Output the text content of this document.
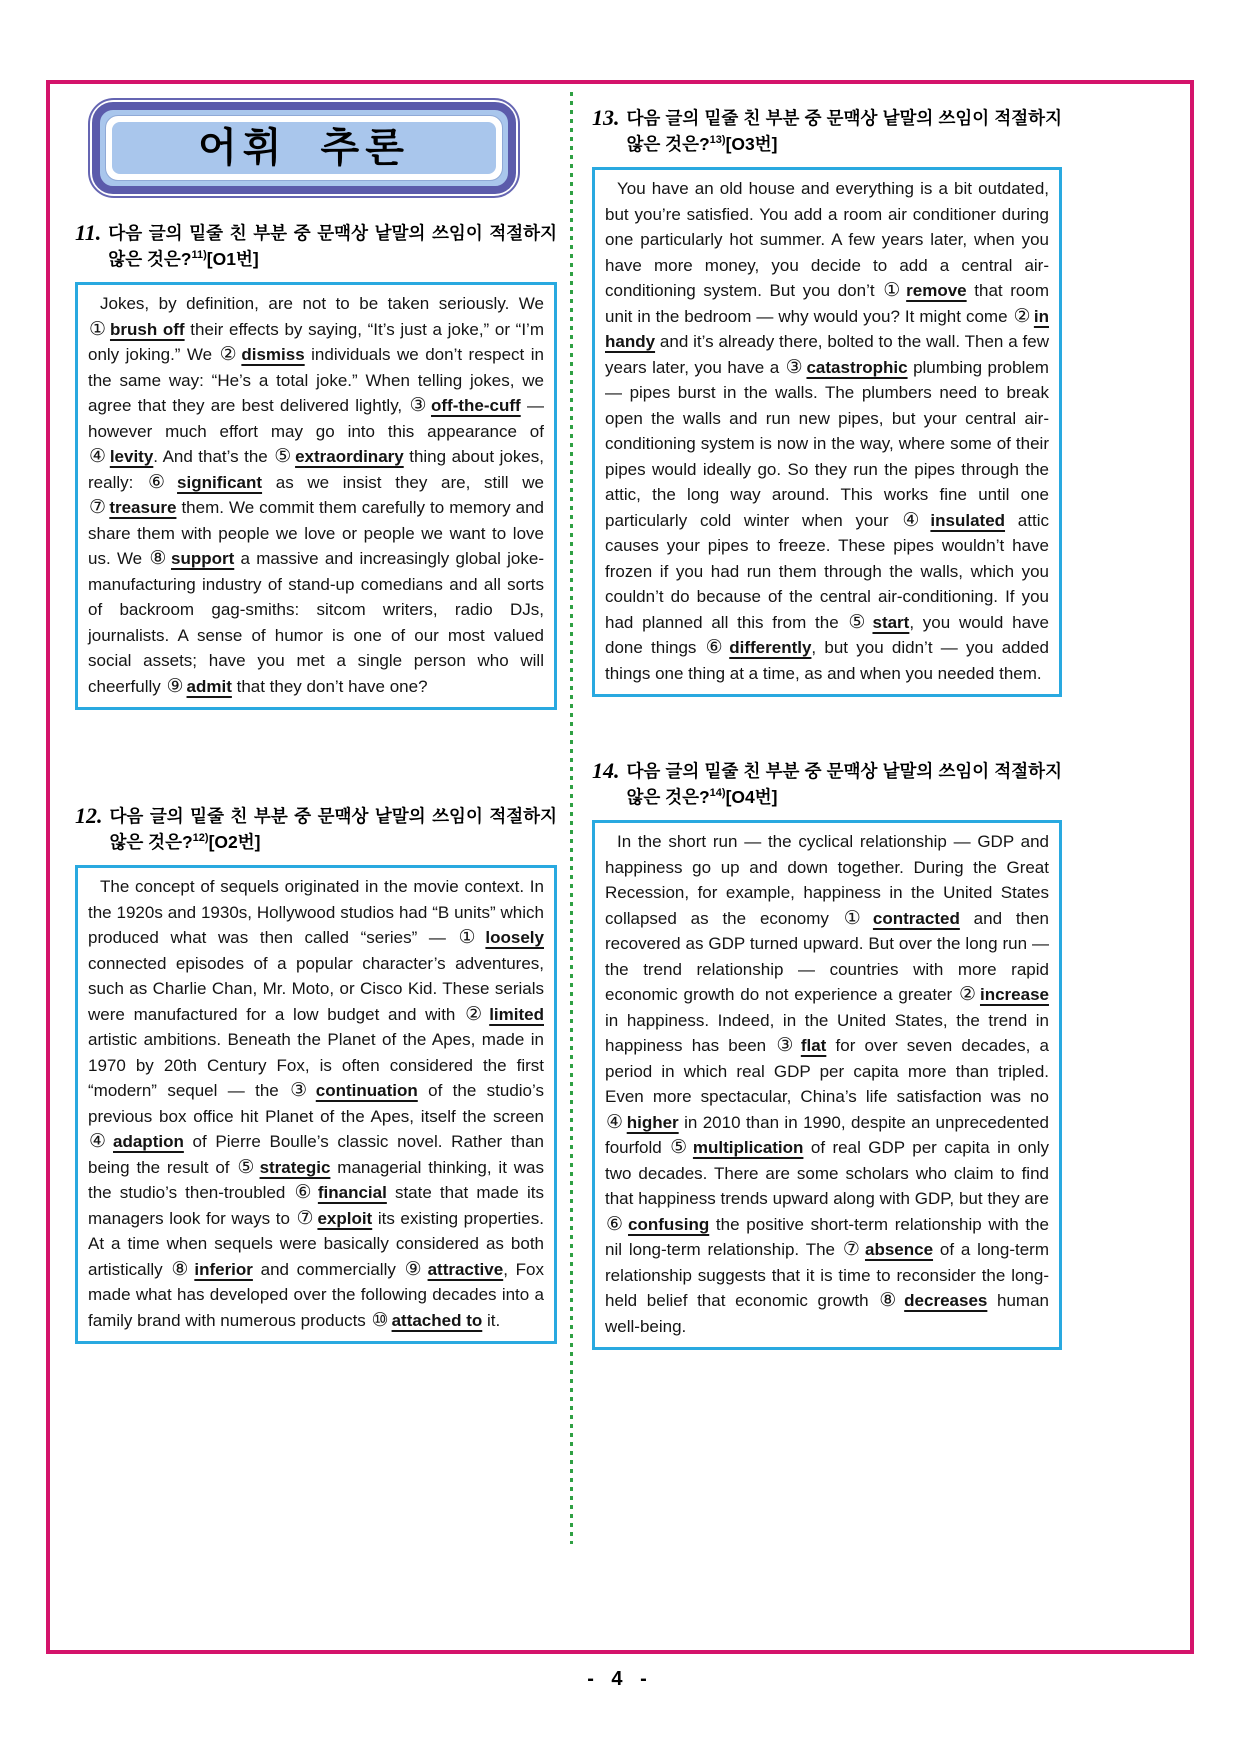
어휘 추론
11. 다음 글의 밑줄 친 부분 중 문맥상 낱말의 쓰임이 적절하지 않은 것은?$^{11)}$[O1번]

Jokes, by definition, are not to be taken seriously. We ① brush off their effects by saying, “It’s just a joke,” or “I’m only joking.” We ② dismiss individuals we don’t respect in the same way: “He’s a total joke.” When telling jokes, we agree that they are best delivered lightly, ③ off-the-cuff — however much effort may go into this appearance of ④ levity. And that’s the ⑤ extraordinary thing about jokes, really: ⑥ significant as we insist they are, still we ⑦ treasure them. We commit them carefully to memory and share them with people we love or people we want to love us. We ⑧ support a massive and increasingly global joke-manufacturing industry of stand-up comedians and all sorts of backroom gag-smiths: sitcom writers, radio DJs, journalists. A sense of humor is one of our most valued social assets; have you met a single person who will cheerfully ⑨ admit that they don’t have one?
12. 다음 글의 밑줄 친 부분 중 문맥상 낱말의 쓰임이 적절하지 않은 것은?$^{12)}$[O2번]

The concept of sequels originated in the movie context. In the 1920s and 1930s, Hollywood studios had “B units” which produced what was then called “series” — ① loosely connected episodes of a popular character’s adventures, such as Charlie Chan, Mr. Moto, or Cisco Kid. These serials were manufactured for a low budget and with ② limited artistic ambitions. Beneath the Planet of the Apes, made in 1970 by 20th Century Fox, is often considered the first “modern” sequel — the ③ continuation of the studio’s previous box office hit Planet of the Apes, itself the screen ④ adaption of Pierre Boulle’s classic novel. Rather than being the result of ⑤ strategic managerial thinking, it was the studio’s then-troubled ⑥ financial state that made its managers look for ways to ⑦ exploit its existing properties. At a time when sequels were basically considered as both artistically ⑧ inferior and commercially ⑨ attractive, Fox made what has developed over the following decades into a family brand with numerous products ⑩ attached to it.
13. 다음 글의 밑줄 친 부분 중 문맥상 낱말의 쓰임이 적절하지 않은 것은?$^{13)}$[O3번]

You have an old house and everything is a bit outdated, but you’re satisfied. You add a room air conditioner during one particularly hot summer. A few years later, when you have more money, you decide to add a central air-conditioning system. But you don’t ① remove that room unit in the bedroom — why would you? It might come ② in handy and it’s already there, bolted to the wall. Then a few years later, you have a ③ catastrophic plumbing problem — pipes burst in the walls. The plumbers need to break open the walls and run new pipes, but your central air-conditioning system is now in the way, where some of their pipes would ideally go. So they run the pipes through the attic, the long way around. This works fine until one particularly cold winter when your ④ insulated attic causes your pipes to freeze. These pipes wouldn’t have frozen if you had run them through the walls, which you couldn’t do because of the central air-conditioning. If you had planned all this from the ⑤ start, you would have done things ⑥ differently, but you didn’t — you added things one thing at a time, as and when you needed them.
14. 다음 글의 밑줄 친 부분 중 문맥상 낱말의 쓰임이 적절하지 않은 것은?$^{14)}$[O4번]

In the short run — the cyclical relationship — GDP and happiness go up and down together. During the Great Recession, for example, happiness in the United States collapsed as the economy ① contracted and then recovered as GDP turned upward. But over the long run — the trend relationship — countries with more rapid economic growth do not experience a greater ② increase in happiness. Indeed, in the United States, the trend in happiness has been ③ flat for over seven decades, a period in which real GDP per capita more than tripled. Even more spectacular, China’s life satisfaction was no ④ higher in 2010 than in 1990, despite an unprecedented fourfold ⑤ multiplication of real GDP per capita in only two decades. There are some scholars who claim to find that happiness trends upward along with GDP, but they are ⑥ confusing the positive short-term relationship with the nil long-term relationship. The ⑦ absence of a long-term relationship suggests that it is time to reconsider the long-held belief that economic growth ⑧ decreases human well-being.
- 4 -
